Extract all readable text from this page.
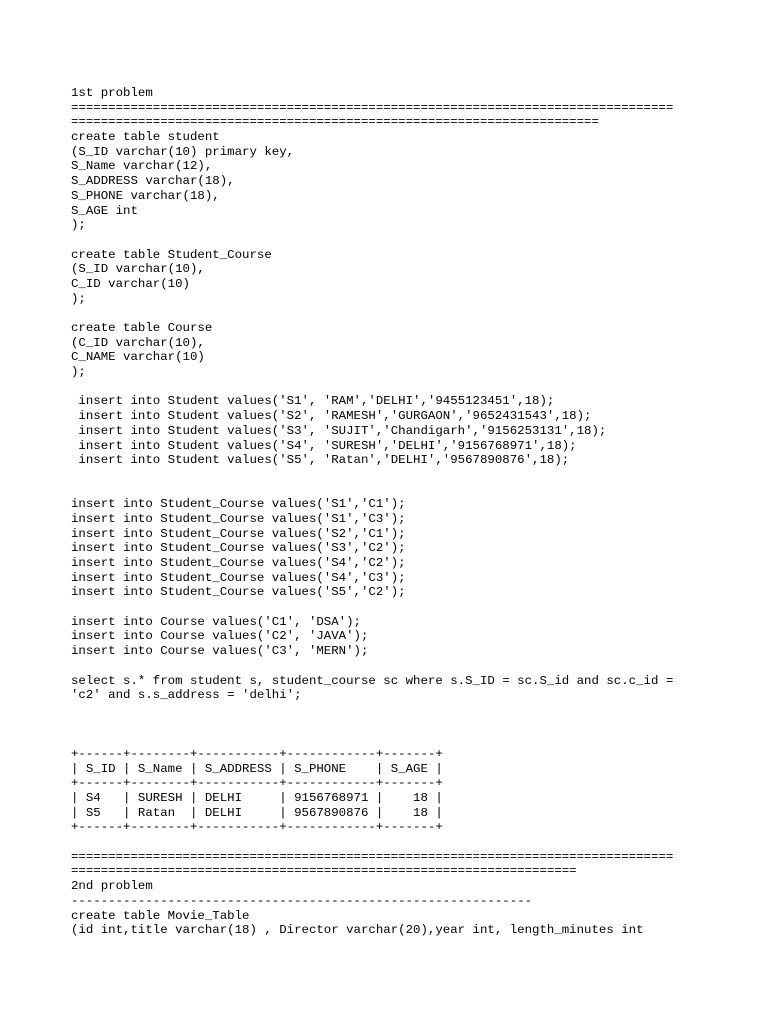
1st problem
=================================================================================
=======================================================================
create table student
(S_ID varchar(10) primary key,
S_Name varchar(12),
S_ADDRESS varchar(18),
S_PHONE varchar(18),
S_AGE int
);
create table Student_Course
(S_ID varchar(10),
C_ID varchar(10)
);
create table Course
(C_ID varchar(10),
C_NAME varchar(10)
);
insert into Student values('S1', 'RAM','DELHI','9455123451',18);
insert into Student values('S2', 'RAMESH','GURGAON','9652431543',18);
insert into Student values('S3', 'SUJIT','Chandigarh','9156253131',18);
insert into Student values('S4', 'SURESH','DELHI','9156768971',18);
insert into Student values('S5', 'Ratan','DELHI','9567890876',18);
insert into Student_Course values('S1','C1');
insert into Student_Course values('S1','C3');
insert into Student_Course values('S2','C1');
insert into Student_Course values('S3','C2');
insert into Student_Course values('S4','C2');
insert into Student_Course values('S4','C3');
insert into Student_Course values('S5','C2');
insert into Course values('C1', 'DSA');
insert into Course values('C2', 'JAVA');
insert into Course values('C3', 'MERN');
select s.* from student s, student_course sc where s.S_ID = sc.S_id and sc.c_id =
'c2' and s.s_address = 'delhi';
+------+--------+-----------+------------+-------+
| S_ID | S_Name | S_ADDRESS | S_PHONE    | S_AGE |
+------+--------+-----------+------------+-------+
| S4   | SURESH | DELHI     | 9156768971 |    18 |
| S5   | Ratan  | DELHI     | 9567890876 |    18 |
+------+--------+-----------+------------+-------+
=================================================================================
====================================================================
2nd problem
--------------------------------------------------------------
create table Movie_Table
(id int,title varchar(18) , Director varchar(20),year int, length_minutes int
